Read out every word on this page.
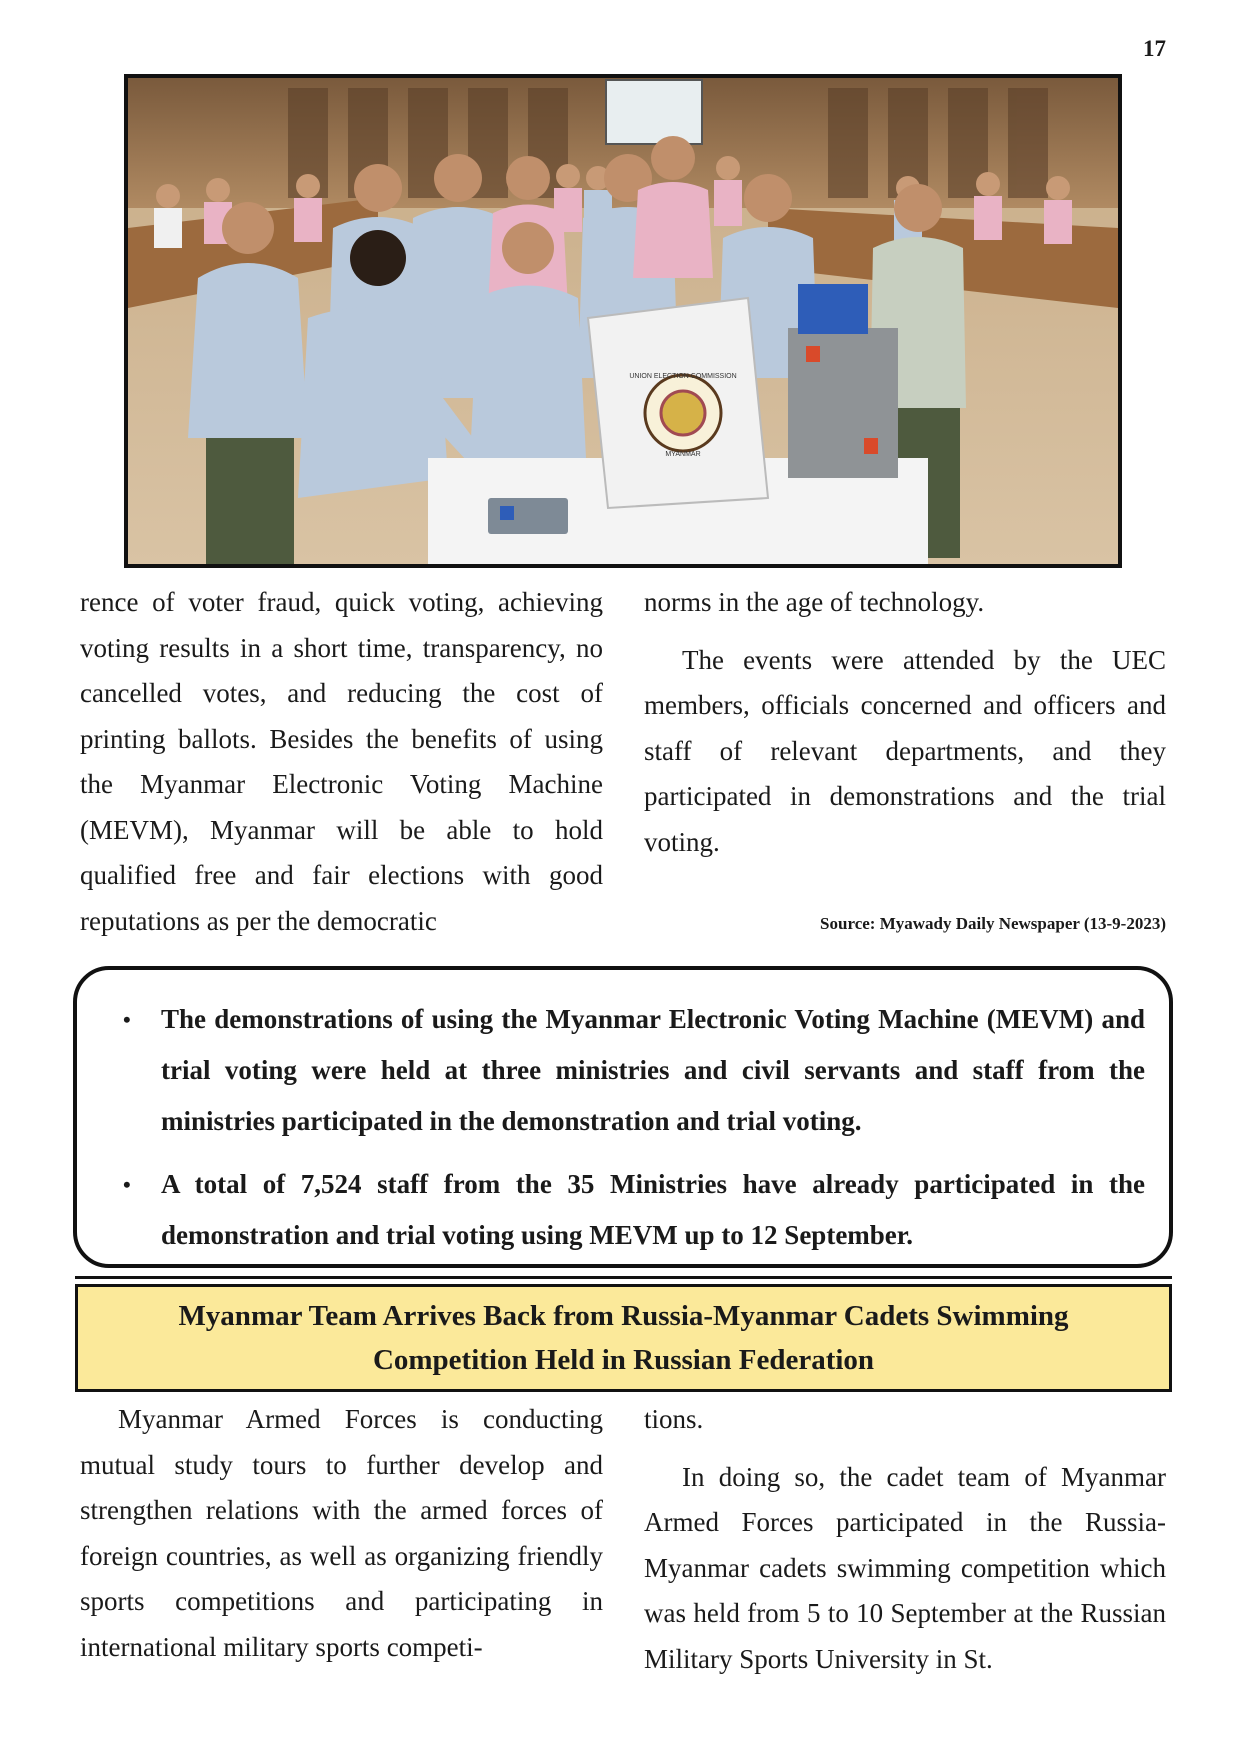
17
UNION ELECTION COMMISSION
MYANMAR

rence of voter fraud, quick voting, achieving voting results in a short time, transparency, no cancelled votes, and reducing the cost of printing ballots. Besides the benefits of using the Myanmar Electronic Voting Machine (MEVM), Myanmar will be able to hold qualified free and fair elections with good reputations as per the democratic

norms in the age of technology.

The events were attended by the UEC members, officials concerned and officers and staff of relevant departments, and they participated in demonstrations and the trial voting.

Source: Myawady Daily Newspaper (13-9-2023)
• The demonstrations of using the Myanmar Electronic Voting Machine (MEVM) and trial voting were held at three ministries and civil servants and staff from the ministries participated in the demonstration and trial voting.
• A total of 7,524 staff from the 35 Ministries have already participated in the demonstration and trial voting using MEVM up to 12 September.
Myanmar Team Arrives Back from Russia-Myanmar Cadets Swimming Competition Held in Russian Federation

Myanmar Armed Forces is conducting mutual study tours to further develop and strengthen relations with the armed forces of foreign countries, as well as organizing friendly sports competitions and participating in international military sports competi-

tions.

In doing so, the cadet team of Myanmar Armed Forces participated in the Russia-Myanmar cadets swimming competition which was held from 5 to 10 September at the Russian Military Sports University in St.
